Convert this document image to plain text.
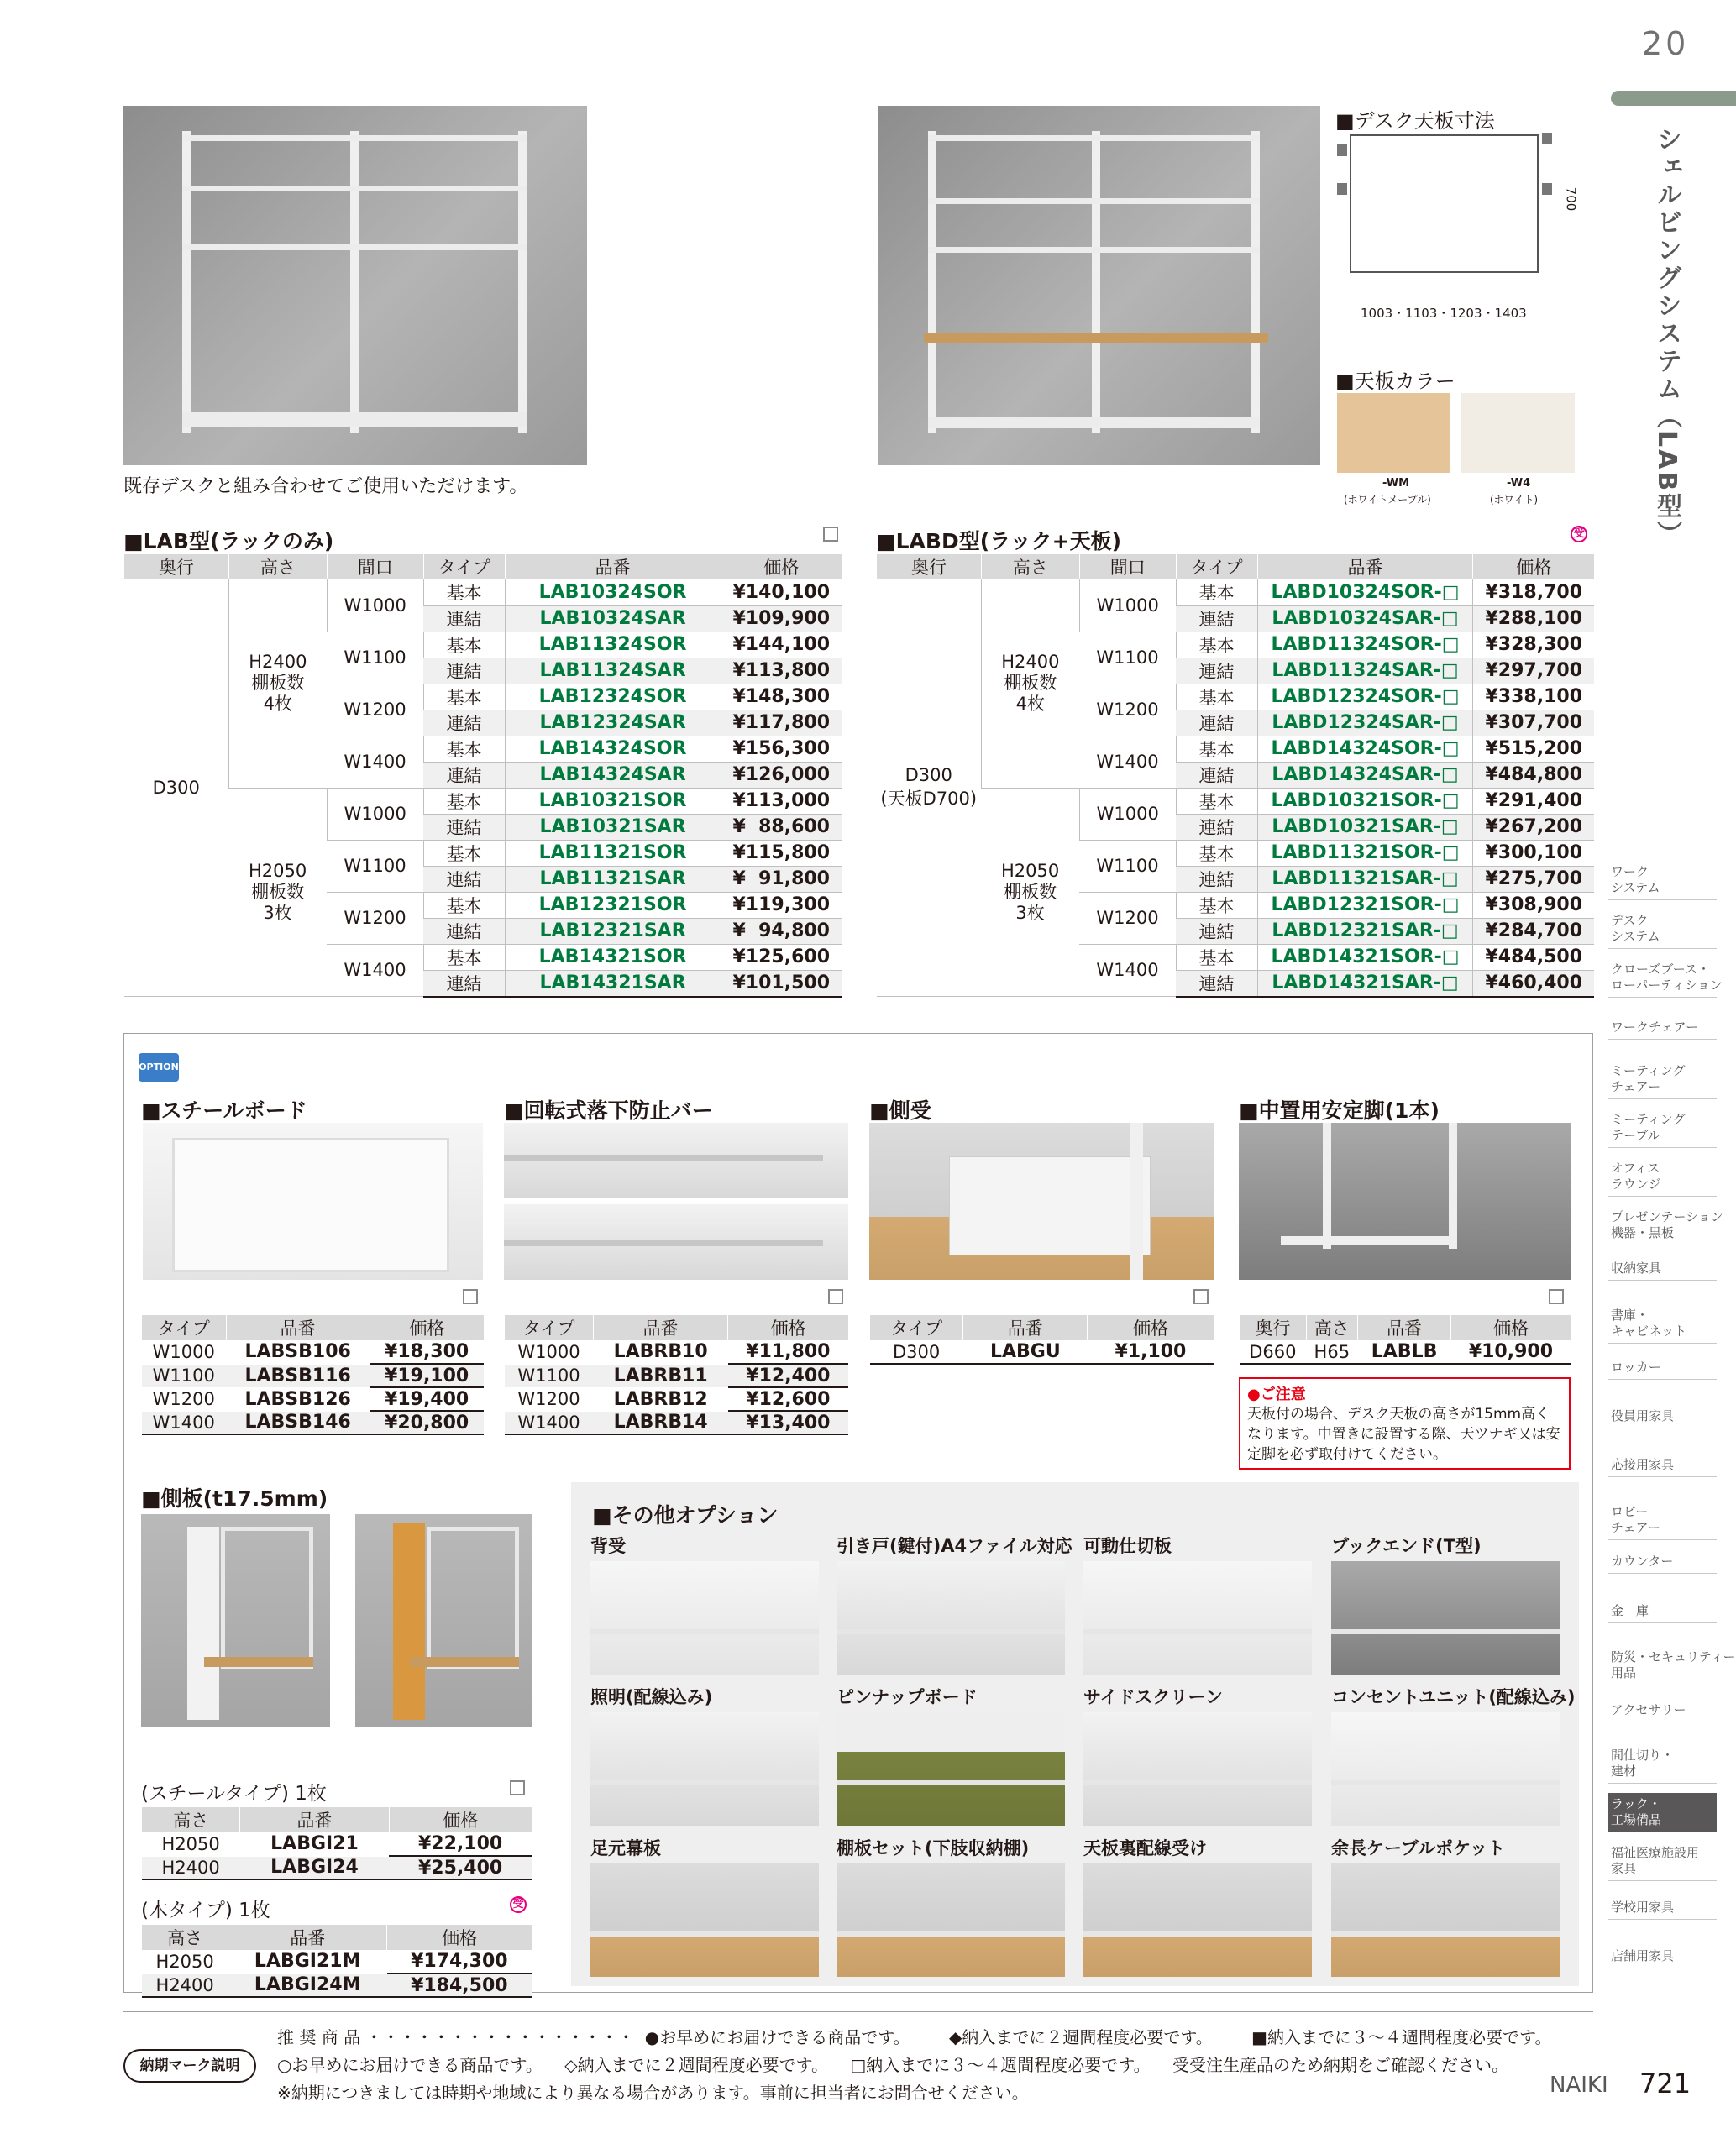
20
シェルビングシステム（LAB型）
既存デスクと組み合わせてご使用いただけます。
■デスク天板寸法
700
1003・1103・1203・1403
■天板カラー
-WM
(ホワイトメープル)
-W4
(ホワイト)
■LAB型(ラックのみ)
奥行	高さ	間口	タイプ	品番	価格
D300	H2400
棚板数
4枚	W1000	基本	LAB10324SOR	¥140,100
			連結	LAB10324SAR	¥109,900
		W1100	基本	LAB11324SOR	¥144,100
			連結	LAB11324SAR	¥113,800
		W1200	基本	LAB12324SOR	¥148,300
			連結	LAB12324SAR	¥117,800
		W1400	基本	LAB14324SOR	¥156,300
			連結	LAB14324SAR	¥126,000
	H2050
棚板数
3枚	W1000	基本	LAB10321SOR	¥113,000
			連結	LAB10321SAR	¥  88,600
		W1100	基本	LAB11321SOR	¥115,800
			連結	LAB11321SAR	¥  91,800
		W1200	基本	LAB12321SOR	¥119,300
			連結	LAB12321SAR	¥  94,800
		W1400	基本	LAB14321SOR	¥125,600
			連結	LAB14321SAR	¥101,500
■LABD型(ラック+天板)	受
奥行	高さ	間口	タイプ	品番	価格
D300
(天板D700)	H2400
棚板数
4枚	W1000	基本	LABD10324SOR-□	¥318,700
			連結	LABD10324SAR-□	¥288,100
		W1100	基本	LABD11324SOR-□	¥328,300
			連結	LABD11324SAR-□	¥297,700
		W1200	基本	LABD12324SOR-□	¥338,100
			連結	LABD12324SAR-□	¥307,700
		W1400	基本	LABD14324SOR-□	¥515,200
			連結	LABD14324SAR-□	¥484,800
	H2050
棚板数
3枚	W1000	基本	LABD10321SOR-□	¥291,400
			連結	LABD10321SAR-□	¥267,200
		W1100	基本	LABD11321SOR-□	¥300,100
			連結	LABD11321SAR-□	¥275,700
		W1200	基本	LABD12321SOR-□	¥308,900
			連結	LABD12321SAR-□	¥284,700
		W1400	基本	LABD14321SOR-□	¥484,500
			連結	LABD14321SAR-□	¥460,400
OPTION
■スチールボード
タイプ	品番	価格
W1000	LABSB106	¥18,300
W1100	LABSB116	¥19,100
W1200	LABSB126	¥19,400
W1400	LABSB146	¥20,800
■回転式落下防止バー
タイプ	品番	価格
W1000	LABRB10	¥11,800
W1100	LABRB11	¥12,400
W1200	LABRB12	¥12,600
W1400	LABRB14	¥13,400
■側受
タイプ	品番	価格
D300	LABGU	¥1,100
■中置用安定脚(1本)
奥行	高さ	品番	価格
D660	H65	LABLB	¥10,900
●ご注意
天板付の場合、デスク天板の高さが15mm高くなります。中置きに設置する際、天ツナギ又は安定脚を必ず取付けてください。
■側板(t17.5mm)
(スチールタイプ) 1枚
高さ	品番	価格
H2050	LABGI21	¥22,100
H2400	LABGI24	¥25,400
(木タイプ) 1枚	受
高さ	品番	価格
H2050	LABGI21M	¥174,300
H2400	LABGI24M	¥184,500
■その他オプション
背受	引き戸(鍵付)A4ファイル対応 可動仕切板	ブックエンド(T型)
照明(配線込み)	ピンナップボード	サイドスクリーン	コンセントユニット(配線込み)
足元幕板	棚板セット(下肢収納棚)	天板裏配線受け	余長ケーブルポケット
ワーク
システム
デスク
システム
クローズブース・
ローパーティション
ワークチェアー
ミーティング
チェアー
ミーティング
テーブル
オフィス
ラウンジ
プレゼンテーション
機器・黒板
収納家具
書庫・
キャビネット
ロッカー
役員用家具
応接用家具
ロビー
チェアー
カウンター
金　庫
防災・セキュリティー
用品
アクセサリー
間仕切り・
建材
ラック・
工場備品
福祉医療施設用
家具
学校用家具
店舗用家具
納期マーク説明
推 奨 商 品 ・・・・・・・・・・・・・・・・ ●お早めにお届けできる商品です。 ◆納入までに２週間程度必要です。 ■納入までに３～４週間程度必要です。
○お早めにお届けできる商品です。 ◇納入までに２週間程度必要です。 □納入までに３～４週間程度必要です。 受受注生産品のため納期をご確認ください。
※納期につきましては時期や地域により異なる場合があります。事前に担当者にお問合せください。	NAIKI 721
